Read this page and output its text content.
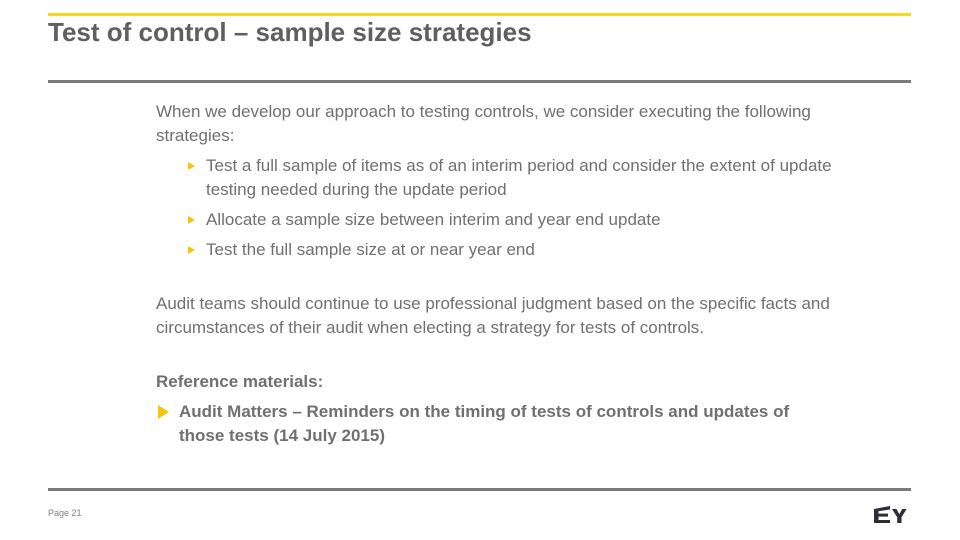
Test of control – sample size strategies

When we develop our approach to testing controls, we consider executing the following strategies:

Test a full sample of items as of an interim period and consider the extent of update testing needed during the update period
Allocate a sample size between interim and year end update
Test the full sample size at or near year end

Audit teams should continue to use professional judgment based on the specific facts and circumstances of their audit when electing a strategy for tests of controls.

Reference materials:

Audit Matters – Reminders on the timing of tests of controls and updates of those tests (14 July 2015)
Page 21
